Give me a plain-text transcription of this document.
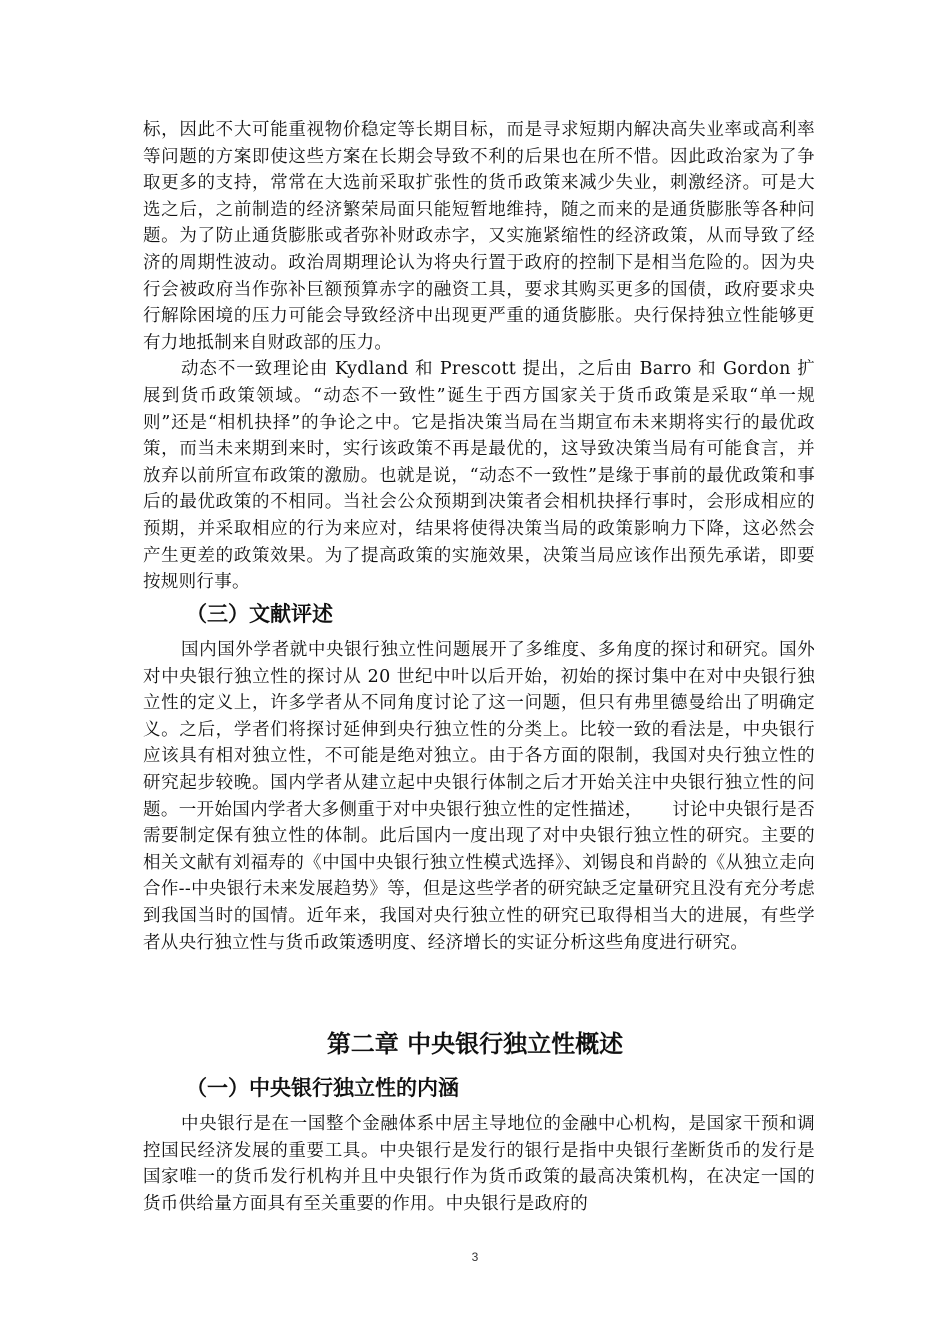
标，因此不大可能重视物价稳定等长期目标，而是寻求短期内解决高失业率或高利率等问题的方案即使这些方案在长期会导致不利的后果也在所不惜。因此政治家为了争取更多的支持，常常在大选前采取扩张性的货币政策来减少失业，刺激经济。可是大选之后，之前制造的经济繁荣局面只能短暂地维持，随之而来的是通货膨胀等各种问题。为了防止通货膨胀或者弥补财政赤字，又实施紧缩性的经济政策，从而导致了经济的周期性波动。政治周期理论认为将央行置于政府的控制下是相当危险的。因为央行会被政府当作弥补巨额预算赤字的融资工具，要求其购买更多的国债，政府要求央行解除困境的压力可能会导致经济中出现更严重的通货膨胀。央行保持独立性能够更有力地抵制来自财政部的压力。

动态不一致理论由 Kydland 和 Prescott 提出，之后由 Barro 和 Gordon 扩展到货币政策领域。“动态不一致性”诞生于西方国家关于货币政策是采取“单一规则”还是“相机抉择”的争论之中。它是指决策当局在当期宣布未来期将实行的最优政策，而当未来期到来时，实行该政策不再是最优的，这导致决策当局有可能食言，并放弃以前所宣布政策的激励。也就是说，“动态不一致性”是缘于事前的最优政策和事后的最优政策的不相同。当社会公众预期到决策者会相机抉择行事时，会形成相应的预期，并采取相应的行为来应对，结果将使得决策当局的政策影响力下降，这必然会产生更差的政策效果。为了提高政策的实施效果，决策当局应该作出预先承诺，即要按规则行事。

（三）文献评述

国内国外学者就中央银行独立性问题展开了多维度、多角度的探讨和研究。国外对中央银行独立性的探讨从 20 世纪中叶以后开始，初始的探讨集中在对中央银行独立性的定义上，许多学者从不同角度讨论了这一问题，但只有弗里德曼给出了明确定义。之后，学者们将探讨延伸到央行独立性的分类上。比较一致的看法是，中央银行应该具有相对独立性，不可能是绝对独立。由于各方面的限制，我国对央行独立性的研究起步较晚。国内学者从建立起中央银行体制之后才开始关注中央银行独立性的问题。一开始国内学者大多侧重于对中央银行独立性的定性描述，     讨论中央银行是否需要制定保有独立性的体制。此后国内一度出现了对中央银行独立性的研究。主要的相关文献有刘福寿的《中国中央银行独立性模式选择》、刘锡良和肖龄的《从独立走向合作--中央银行未来发展趋势》等，但是这些学者的研究缺乏定量研究且没有充分考虑到我国当时的国情。近年来，我国对央行独立性的研究已取得相当大的进展，有些学者从央行独立性与货币政策透明度、经济增长的实证分析这些角度进行研究。

第二章 中央银行独立性概述
（一）中央银行独立性的内涵

中央银行是在一国整个金融体系中居主导地位的金融中心机构，是国家干预和调控国民经济发展的重要工具。中央银行是发行的银行是指中央银行垄断货币的发行是国家唯一的货币发行机构并且中央银行作为货币政策的最高决策机构，在决定一国的货币供给量方面具有至关重要的作用。中央银行是政府的

3
